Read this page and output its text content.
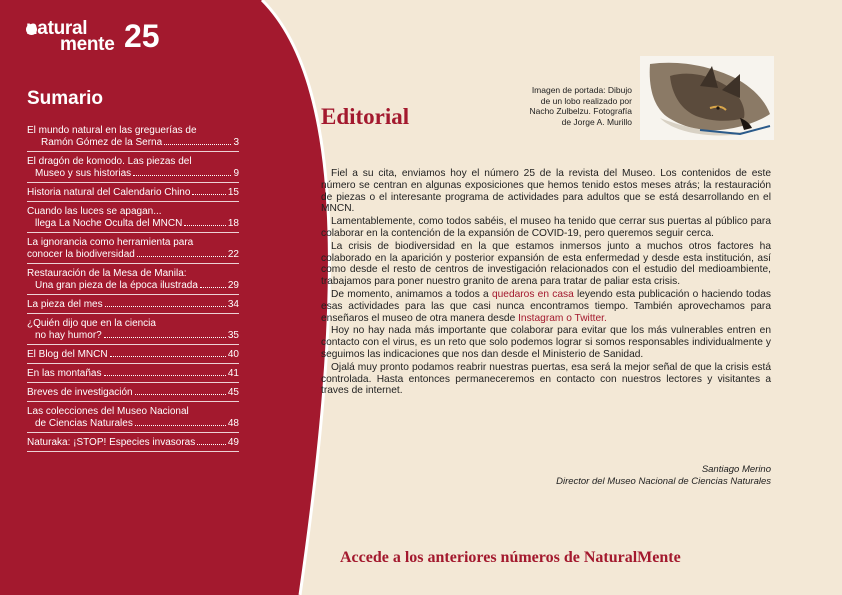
natural
mente 25
Sumario
El mundo natural en las greguerías de
Ramón Gómez de la Serna	3
El dragón de komodo. Las piezas del
Museo y sus historias	9
Historia natural del Calendario Chino	15
Cuando las luces se apagan...
llega La Noche Oculta del MNCN	18
La ignorancia como herramienta para
conocer la biodiversidad	22
Restauración de la Mesa de Manila:
Una gran pieza de la época ilustrada	29
La pieza del mes	34
¿Quién dijo que en la ciencia
no hay humor?	35
El Blog del MNCN	40
En las montañas	41
Breves de investigación	45
Las colecciones del Museo Nacional
de Ciencias Naturales	48
Naturaka: ¡STOP! Especies invasoras	49
Editorial
Imagen de portada: Dibujo
de un lobo realizado por
Nacho Zulbelzu. Fotografía
de Jorge A. Murillo

Fiel a su cita, enviamos hoy el número 25 de la revista del Museo. Los contenidos de este número se centran en algunas exposiciones que hemos tenido estos meses atrás; la restauración de piezas o el interesante programa de actividades para adultos que se está desarrollando en el MNCN.

Lamentablemente, como todos sabéis, el museo ha tenido que cerrar sus puertas al público para colaborar en la contención de la expansión de COVID-19, pero queremos seguir cerca.

La crisis de biodiversidad en la que estamos inmersos junto a muchos otros factores ha colaborado en la aparición y posterior expansión de esta enfermedad y desde esta institución, así como desde el resto de centros de investigación relacionados con el estudio del medioambiente, trabajamos para poner nuestro granito de arena para tratar de paliar esta crisis.

De momento, animamos a todos a quedaros en casa leyendo esta publicación o haciendo todas esas actividades para las que casi nunca encontramos tiempo. También aprovechamos para enseñaros el museo de otra manera desde Instagram o Twitter.

Hoy no hay nada más importante que colaborar para evitar que los más vulnerables entren en contacto con el virus, es un reto que solo podemos lograr si somos responsables individualmente y seguimos las indicaciones que nos dan desde el Ministerio de Sanidad.

Ojalá muy pronto podamos reabrir nuestras puertas, esa será la mejor señal de que la crisis está controlada. Hasta entonces permaneceremos en contacto con nuestros lectores y visitantes a traves de internet.

Santiago Merino
Director del Museo Nacional de Ciencias Naturales
Accede a los anteriores números de NaturalMente
